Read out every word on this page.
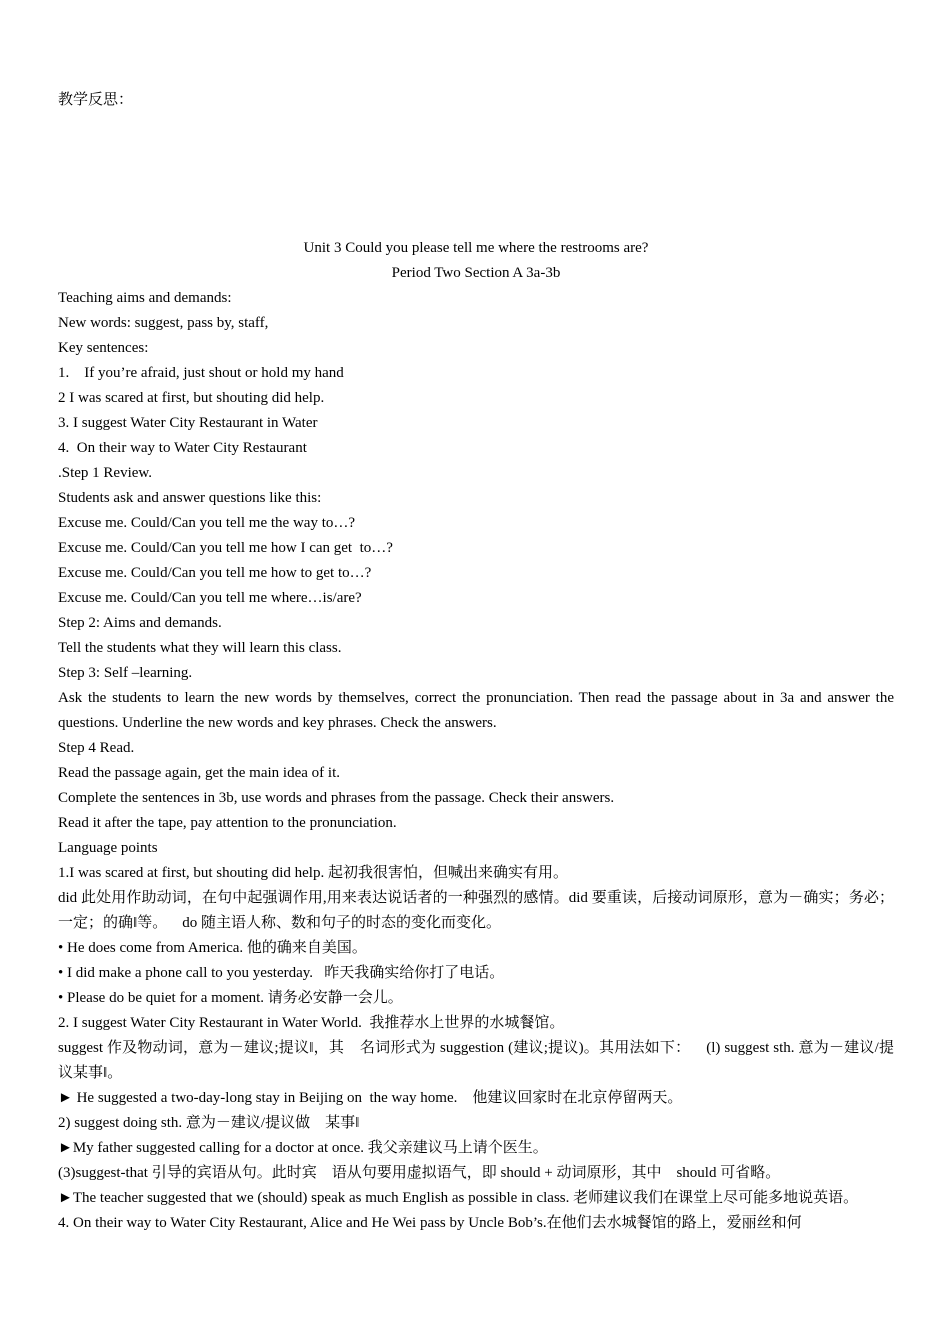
教学反思：
Unit 3 Could you please tell me where the restrooms are?
Period Two Section A 3a-3b
Teaching aims and demands:
New words: suggest, pass by, staff,
Key sentences:
1.    If you’re afraid, just shout or hold my hand
2 I was scared at first, but shouting did help.
3. I suggest Water City Restaurant in Water
4.  On their way to Water City Restaurant
.Step 1 Review.
Students ask and answer questions like this:
Excuse me. Could/Can you tell me the way to…?
Excuse me. Could/Can you tell me how I can get  to…?
Excuse me. Could/Can you tell me how to get to…?
Excuse me. Could/Can you tell me where…is/are?
Step 2: Aims and demands.
Tell the students what they will learn this class.
Step 3: Self –learning.
Ask the students to learn the new words by themselves, correct the pronunciation. Then read the passage about in 3a and answer the questions. Underline the new words and key phrases. Check the answers.
Step 4 Read.
Read the passage again, get the main idea of it.
Complete the sentences in 3b, use words and phrases from the passage. Check their answers.
Read it after the tape, pay attention to the pronunciation.
Language points
1.I was scared at first, but shouting did help. 起初我很害怕，但喊出来确实有用。
did 此处用作助动词，在句中起强调作用,用来表达说话者的一种强烈的感情。did 要重读，后接动词原形，意为－确实；务必；一定；的确‖等。    do 随主语人称、数和句子的时态的变化而变化。
• He does come from America. 他的确来自美国。
• I did make a phone call to you yesterday.   昨天我确实给你打了电话。
• Please do be quiet for a moment. 请务必安静一会儿。
2. I suggest Water City Restaurant in Water World.  我推荐水上世界的水城餐馆。
suggest 作及物动词，意为－建议;提议‖，其    名词形式为 suggestion (建议;提议)。其用法如下：    (l) suggest sth. 意为－建议/提议某事‖。
► He suggested a two-day-long stay in Beijing on  the way home.    他建议回家时在北京停留两天。
2) suggest doing sth. 意为－建议/提议做    某事‖
►My father suggested calling for a doctor at once. 我父亲建议马上请个医生。
(3)suggest-that 引导的宾语从句。此时宾    语从句要用虚拟语气，即 should + 动词原形，其中    should 可省略。
►The teacher suggested that we (should) speak as much English as possible in class. 老师建议我们在课堂上尽可能多地说英语。
4. On their way to Water City Restaurant, Alice and He Wei pass by Uncle Bob’s.在他们去水城餐馆的路上，爱丽丝和何
